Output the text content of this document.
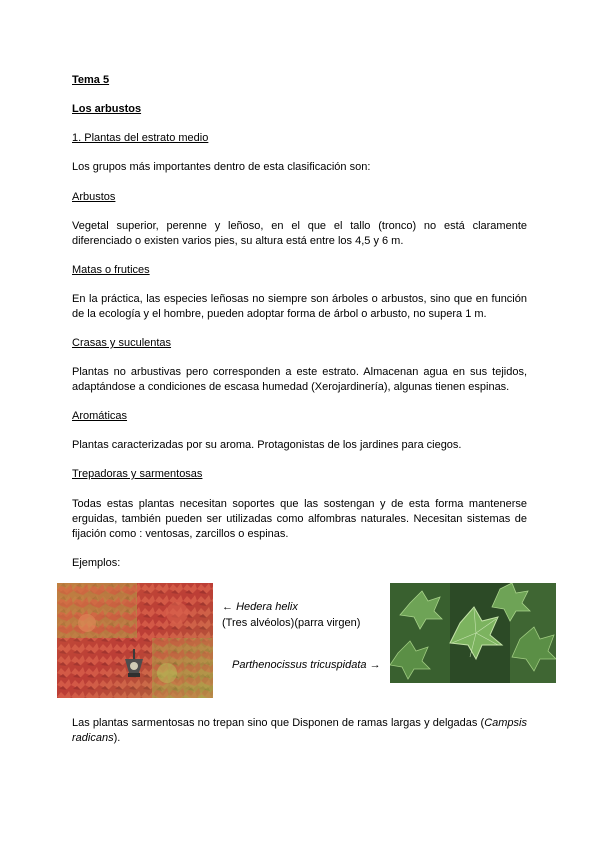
Tema 5
Los arbustos
1. Plantas del estrato medio
Los grupos más importantes dentro de esta clasificación son:
Arbustos
Vegetal superior, perenne y leñoso, en el que el tallo (tronco) no está claramente diferenciado o existen varios pies, su altura está entre los 4,5 y 6 m.
Matas o frutices
En la práctica, las especies leñosas no siempre son árboles o arbustos, sino que en función de la ecología y el hombre, pueden adoptar forma de árbol o arbusto, no supera 1 m.
Crasas y suculentas
Plantas no arbustivas pero corresponden a este estrato. Almacenan agua en sus tejidos, adaptándose a condiciones de escasa humedad (Xerojardinería), algunas tienen espinas.
Aromáticas
Plantas caracterizadas por su aroma. Protagonistas de los jardines para ciegos.
Trepadoras y sarmentosas
Todas estas plantas necesitan soportes que las sostengan y de esta forma mantenerse erguidas, también pueden ser utilizadas como alfombras naturales. Necesitan sistemas de fijación como : ventosas, zarcillos o espinas.
Ejemplos:
← Hedera helix
(Tres alvéolos)(parra virgen)
Parthenocissus tricuspidata →
Las plantas sarmentosas no trepan sino que Disponen de ramas largas y delgadas (Campsis radicans).
